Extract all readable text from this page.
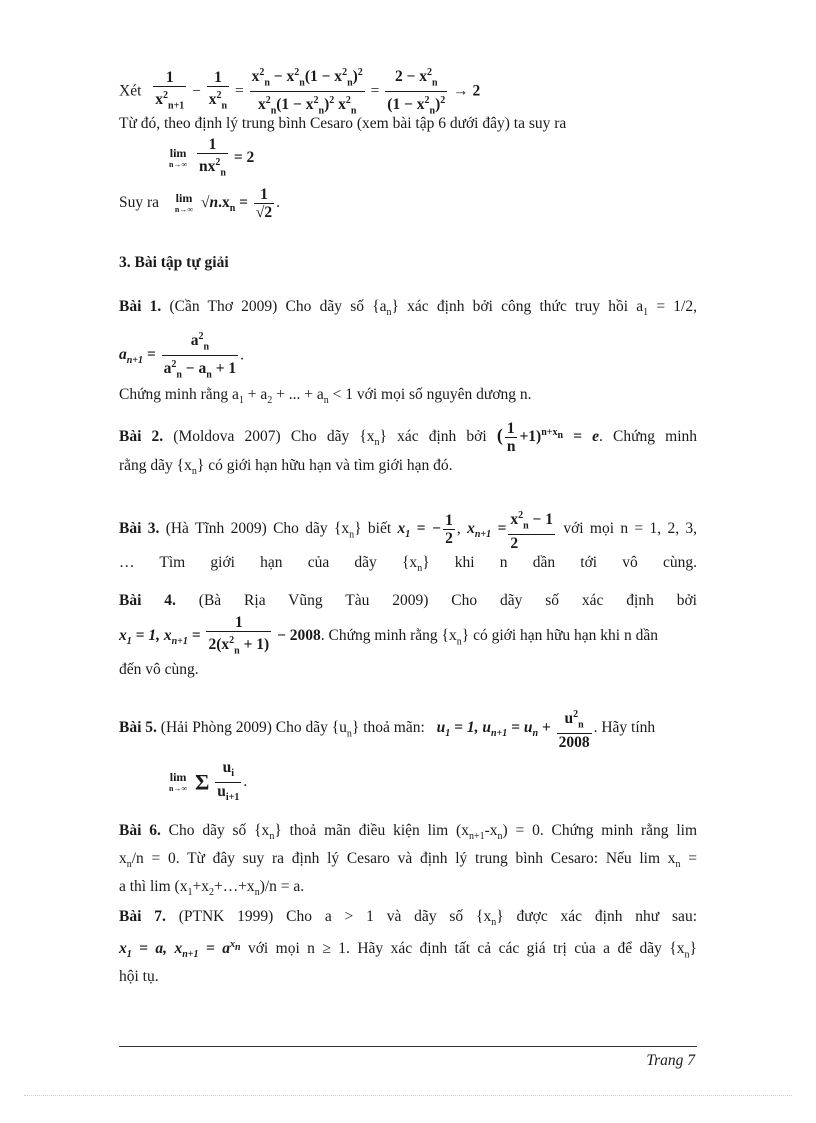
Xét $\frac{1}{x^2_{n+1}} - \frac{1}{x^2_n} = \frac{x^2_n - x^2_n(1 - x^2_n)^2}{x^2_n(1 - x^2_n)^2 x^2_n} = \frac{2 - x^2_n}{(1 - x^2_n)^2} \to 2$
Từ đó, theo định lý trung bình Cesaro (xem bài tập 6 dưới đây) ta suy ra
lim
n→∞
$\frac{1}{nx^2_n} = 2$
Suy ra lim
n→∞ $√n.x_n = \frac{1}{√2}$ .
3. Bài tập tự giải
Bài 1. (Cần Thơ 2009) Cho dãy số $\{a_n\}$ xác định bởi công thức truy hồi $a_1 = 1/2$,
$a_{n+1} = \frac{a^2_n}{a^2_n - a_n + 1}$ .
Chứng minh rằng $a_1 + a_2$ + ... + $a_n < 1$ với mọi số nguyên dương n.
Bài 2. (Moldova 2007) Cho dãy $\{x_n\}$ xác định bởi ( $\frac{1}{n} +1)^{n+x_n} = e$. Chứng minh
rằng dãy $\{x_n\}$ có giới hạn hữu hạn và tìm giới hạn đó.
Bài 3. (Hà Tĩnh 2009) Cho dãy $\{x_n\}$ biết $x_1$ = − $\frac{1}{2}$ , $x_{n+1} = \frac{x^2_n - 1}{2}$ với mọi n = 1, 2, 3,
… Tìm giới hạn của dãy $\{x_n\}$ khi n dần tới vô cùng.
Bài 4. (Bà Rịa Vũng Tàu 2009) Cho dãy số xác định bởi
$x_1 = 1$, $x_{n+1} = \frac{1}{2(x^2_n + 1)} - 2008$. Chứng minh rằng $\{x_n\}$ có giới hạn hữu hạn khi n dần
đến vô cùng.
Bài 5. (Hải Phòng 2009) Cho dãy $\{u_n\}$ thoả mãn: $u_1 = 1$, $u_{n+1} = u_n + \frac{u^2_n}{2008}$ . Hãy tính
lim
n→∞ Σ $\frac{u_i}{u_{i+1}}$ .
Bài 6. Cho dãy số $\{x_n\}$ thoả mãn điều kiện $\lim (x_{n+1}-x_n) = 0$. Chứng minh rằng lim
$x_n/n = 0$. Từ đây suy ra định lý Cesaro và định lý trung bình Cesaro: Nếu $\lim x_n$ =
a thì $\lim (x_1+x_2+\dots+x_n)/n = a$.
Bài 7. (PTNK 1999) Cho a > 1 và dãy số $\{x_n\}$ được xác định như sau:
$x_1 = a$, $x_{n+1} = a^{x_n}$ với mọi n ≥ 1. Hãy xác định tất cả các giá trị của a để dãy $\{x_n\}$
hội tụ.
Trang 7
